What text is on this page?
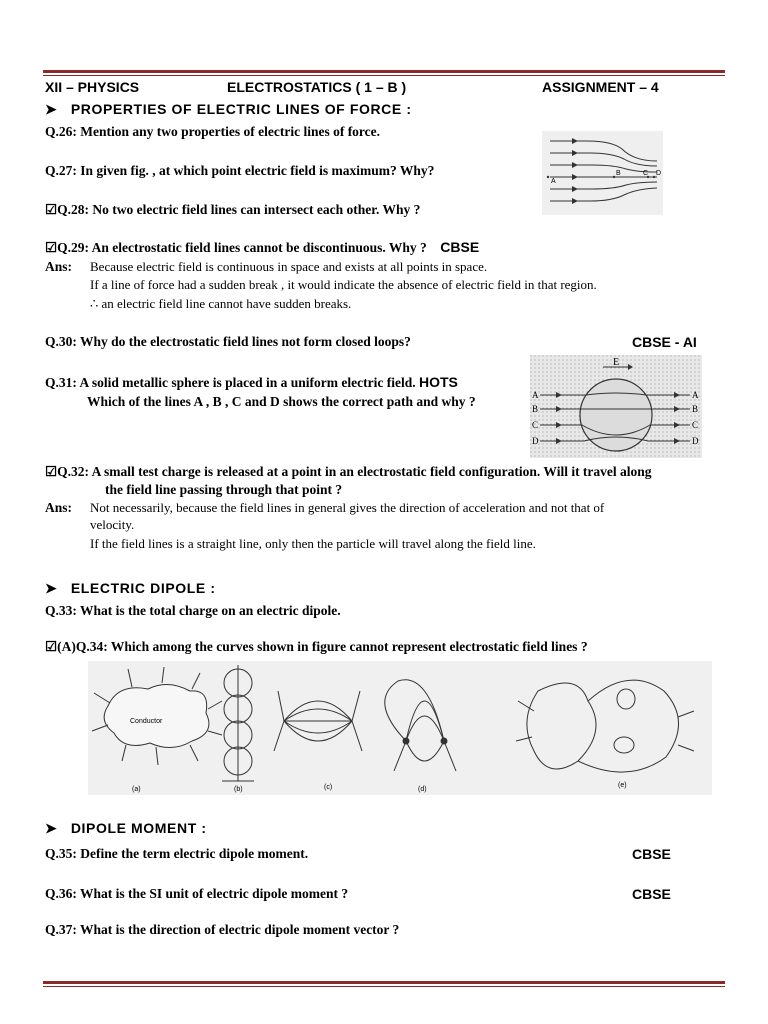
XII – PHYSICS	ELECTROSTATICS ( 1 – B )	ASSIGNMENT – 4
➤ PROPERTIES OF ELECTRIC LINES OF FORCE :
Q.26: Mention any two properties of electric lines of force.
Q.27: In given fig. , at which point electric field is maximum? Why?
☑Q.28: No two electric field lines can intersect each other. Why ?
A
B	C D
☑Q.29: An electrostatic field lines cannot be discontinuous. Why ? CBSE
Ans: Because electric field is continuous in space and exists at all points in space.
If a line of force had a sudden break , it would indicate the absence of electric field in that region.
∴ an electric field line cannot have sudden breaks.
Q.30: Why do the electrostatic field lines not form closed loops?	CBSE - AI
Q.31: A solid metallic sphere is placed in a uniform electric field. HOTS
Which of the lines A , B , C and D shows the correct path and why ?
E
A
B
C
D
A
B
C
D
☑Q.32: A small test charge is released at a point in an electrostatic field configuration. Will it travel along
the field line passing through that point ?
Ans: Not necessarily, because the field lines in general gives the direction of acceleration and not that of
velocity.
If the field lines is a straight line, only then the particle will travel along the field line.
➤ ELECTRIC DIPOLE :
Q.33: What is the total charge on an electric dipole.
☑(A)Q.34: Which among the curves shown in figure cannot represent electrostatic field lines ?
Conductor
(a)	(b)	(c)	(d)
(e)
➤ DIPOLE MOMENT :
Q.35: Define the term electric dipole moment.	CBSE
Q.36: What is the SI unit of electric dipole moment ?	CBSE
Q.37: What is the direction of electric dipole moment vector ?
